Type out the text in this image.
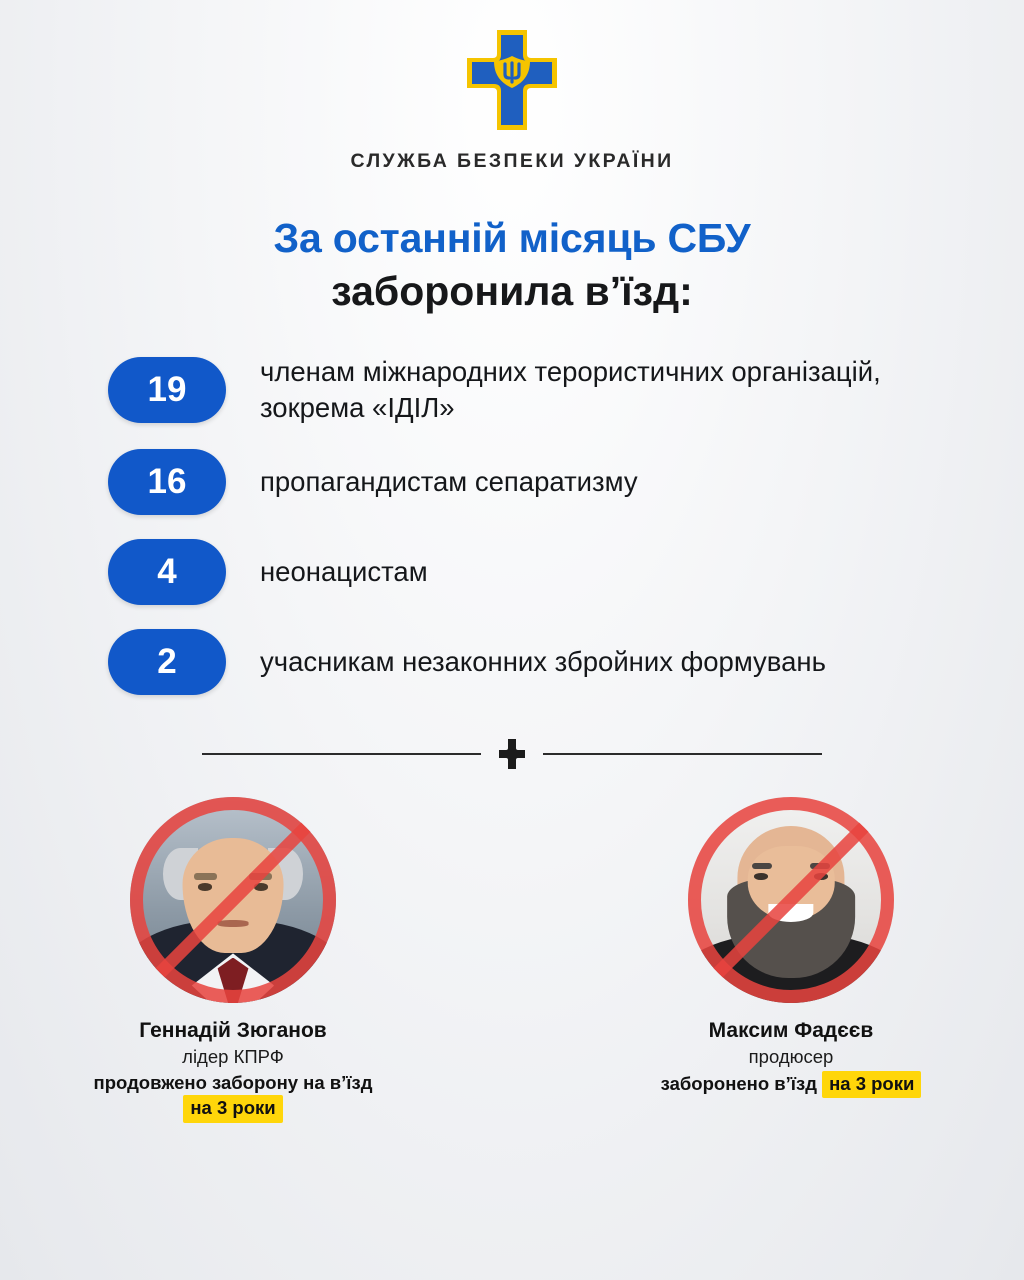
СЛУЖБА БЕЗПЕКИ УКРАЇНИ
За останній місяць СБУ
заборонила в’їзд:
19	членам міжнародних терористичних організацій, зокрема «ІДІЛ»
16	пропагандистам сепаратизму
4	неонацистам
2	учасникам незаконних збройних формувань
Геннадій Зюганов
лідер КПРФ
продовжено заборону на в’їзд
на 3 роки
Максим Фадєєв
продюсер
заборонено в’їзд на 3 роки
